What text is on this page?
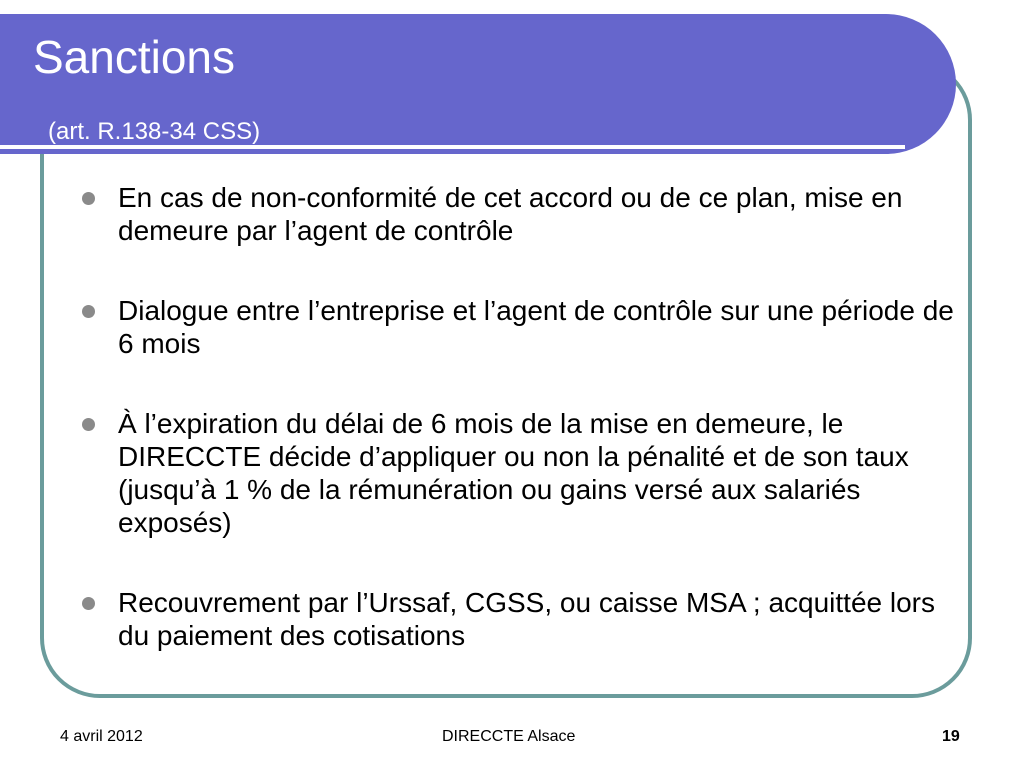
Sanctions

(art. R.138-34 CSS)

En cas de non-conformité de cet accord ou de ce plan, mise en demeure par l’agent de contrôle
Dialogue entre l’entreprise et l’agent de contrôle sur une période de 6 mois
À l’expiration du délai de 6 mois de la mise en demeure, le DIRECCTE décide d’appliquer ou non la pénalité et de son taux (jusqu’à 1 % de la rémunération ou gains versé aux salariés exposés)
Recouvrement par l’Urssaf, CGSS, ou caisse MSA ; acquittée lors du paiement des cotisations
4 avril 2012	DIRECCTE Alsace	19
